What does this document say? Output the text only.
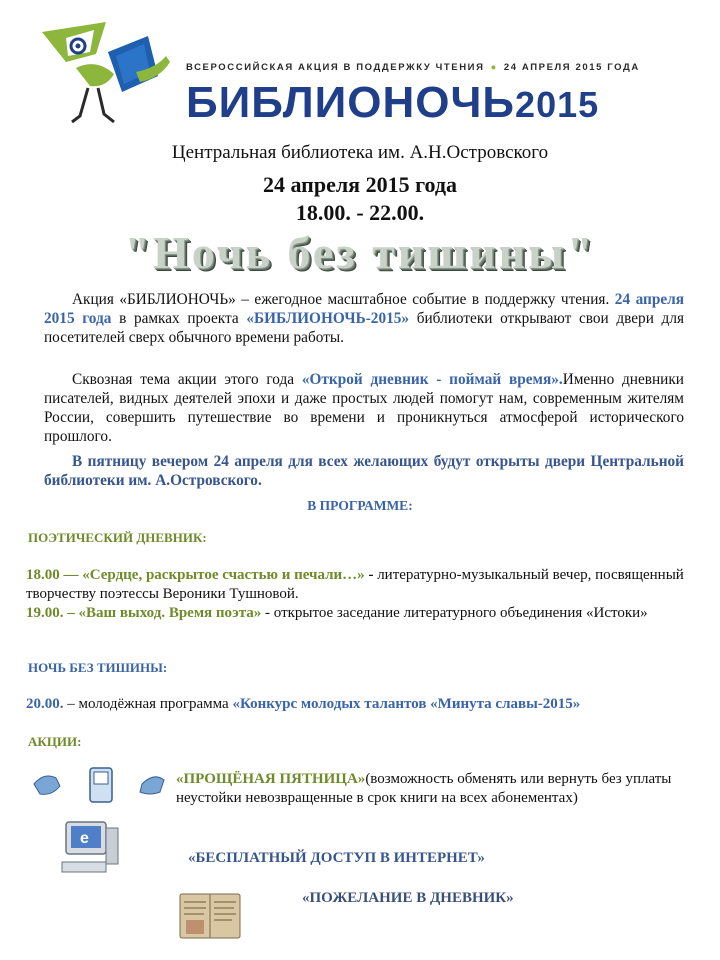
ВСЕРОССИЙСКАЯ АКЦИЯ В ПОДДЕРЖКУ ЧТЕНИЯ ● 24 АПРЕЛЯ 2015 ГОДА
БИБЛИОНОЧЬ2015
Центральная библиотека им. А.Н.Островского
24 апреля 2015 года
18.00. - 22.00.
"Ночь без тишины"
Акция «БИБЛИОНОЧЬ» – ежегодное масштабное событие в поддержку чтения. 24 апреля 2015 года в рамках проекта «БИБЛИОНОЧЬ-2015» библиотеки открывают свои двери для посетителей сверх обычного времени работы.
Сквозная тема акции этого года «Открой дневник - поймай время».Именно дневники писателей, видных деятелей эпохи и даже простых людей помогут нам, современным жителям России, совершить путешествие во времени и проникнуться атмосферой исторического прошлого.
В пятницу вечером 24 апреля для всех желающих будут открыты двери Центральной библиотеки им. А.Островского.
В ПРОГРАММЕ:
ПОЭТИЧЕСКИЙ ДНЕВНИК:
18.00 — «Сердце, раскрытое счастью и печали…» - литературно-музыкальный вечер, посвященный творчеству поэтессы Вероники Тушновой.
19.00. – «Ваш выход. Время поэта» - открытое заседание литературного объединения «Истоки»
НОЧЬ БЕЗ ТИШИНЫ:
20.00. – молодёжная программа «Конкурс молодых талантов «Минута славы-2015»
АКЦИИ:
e
«ПРОЩЁНАЯ ПЯТНИЦА»(возможность обменять или вернуть без уплаты неустойки невозвращенные в срок книги на всех абонементах)
«БЕСПЛАТНЫЙ ДОСТУП В ИНТЕРНЕТ»
«ПОЖЕЛАНИЕ В ДНЕВНИК»
